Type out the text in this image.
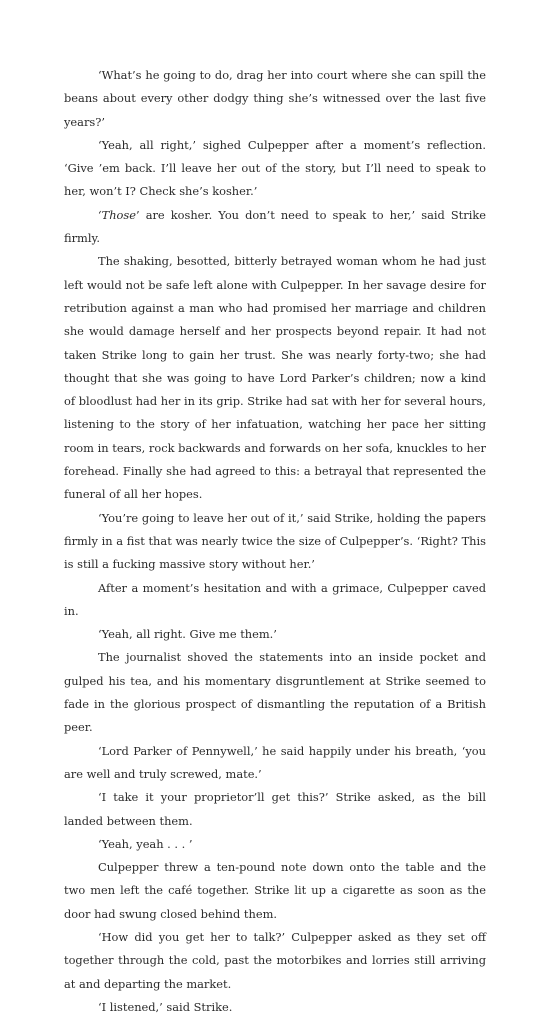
‘What’s he going to do, drag her into court where she can spill the beans about every other dodgy thing she’s witnessed over the last five years?’

‘Yeah, all right,’ sighed Culpepper after a moment’s reflection. ‘Give ’em back. I’ll leave her out of the story, but I’ll need to speak to her, won’t I? Check she’s kosher.’

‘Those’ are kosher. You don’t need to speak to her,’ said Strike firmly.

The shaking, besotted, bitterly betrayed woman whom he had just left would not be safe left alone with Culpepper. In her savage desire for retribution against a man who had promised her marriage and children she would damage herself and her prospects beyond repair. It had not taken Strike long to gain her trust. She was nearly forty-two; she had thought that she was going to have Lord Parker’s children; now a kind of bloodlust had her in its grip. Strike had sat with her for several hours, listening to the story of her infatuation, watching her pace her sitting room in tears, rock backwards and forwards on her sofa, knuckles to her forehead. Finally she had agreed to this: a betrayal that represented the funeral of all her hopes.

‘You’re going to leave her out of it,’ said Strike, holding the papers firmly in a fist that was nearly twice the size of Culpepper’s. ‘Right? This is still a fucking massive story without her.’

After a moment’s hesitation and with a grimace, Culpepper caved in.

‘Yeah, all right. Give me them.’

The journalist shoved the statements into an inside pocket and gulped his tea, and his momentary disgruntlement at Strike seemed to fade in the glorious prospect of dismantling the reputation of a British peer.

‘Lord Parker of Pennywell,’ he said happily under his breath, ‘you are well and truly screwed, mate.’

‘I take it your proprietor’ll get this?’ Strike asked, as the bill landed between them.

‘Yeah, yeah . . . ’

Culpepper threw a ten-pound note down onto the table and the two men left the café together. Strike lit up a cigarette as soon as the door had swung closed behind them.

‘How did you get her to talk?’ Culpepper asked as they set off together through the cold, past the motorbikes and lorries still arriving at and departing the market.

‘I listened,’ said Strike.
